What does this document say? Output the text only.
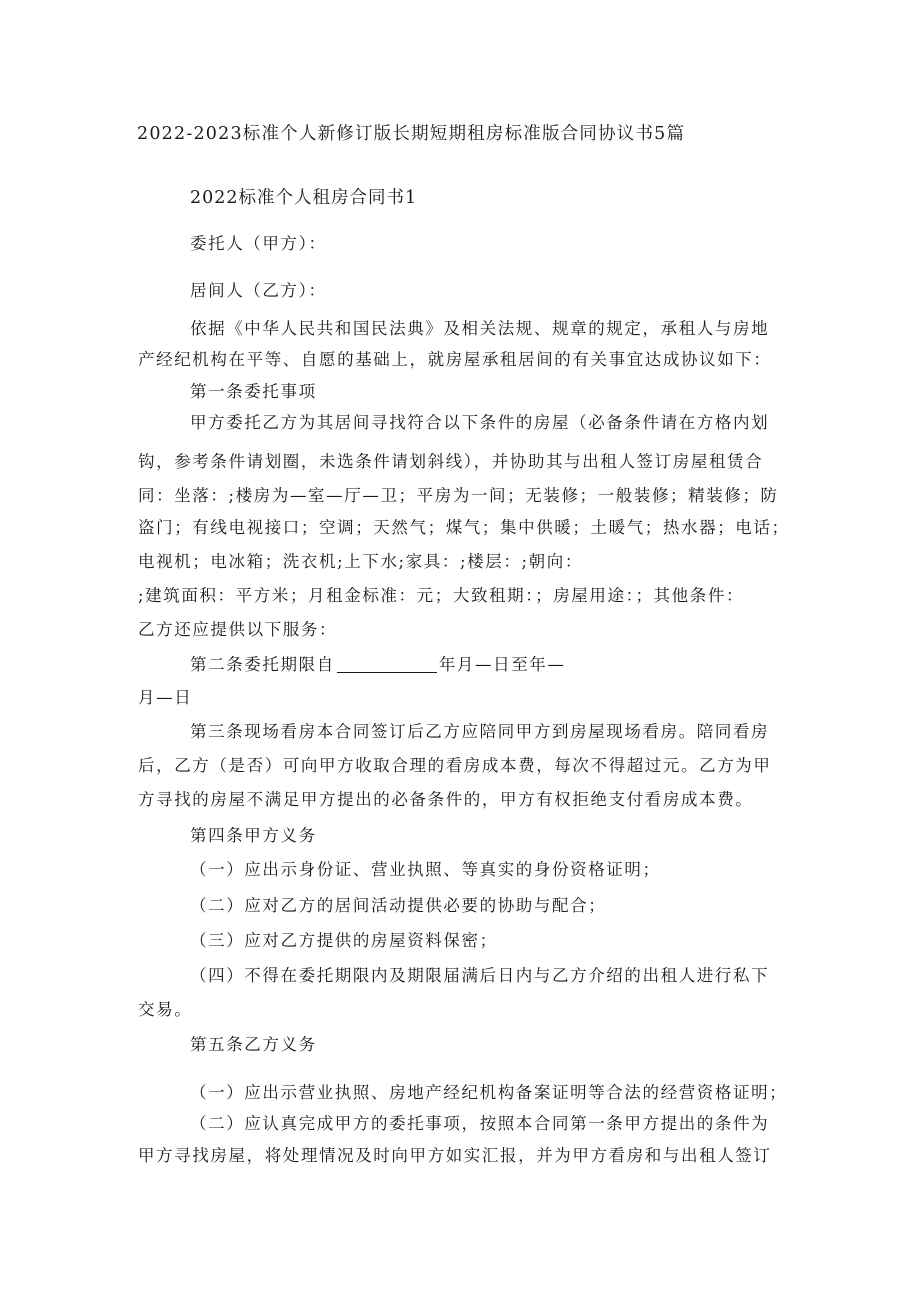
2022-2023标准个人新修订版长期短期租房标准版合同协议书5篇
2022标准个人租房合同书1
委托人（甲方）：
居间人（乙方）：
依据《中华人民共和国民法典》及相关法规、规章的规定，承租人与房地
产经纪机构在平等、自愿的基础上，就房屋承租居间的有关事宜达成协议如下：
第一条委托事项
甲方委托乙方为其居间寻找符合以下条件的房屋（必备条件请在方格内划
钩，参考条件请划圈，未选条件请划斜线），并协助其与出租人签订房屋租赁合
同：坐落：;楼房为—室—厅—卫；平房为一间；无装修；一般装修；精装修；防
盗门；有线电视接口；空调；天然气；煤气；集中供暖；土暖气；热水器；电话；
电视机；电冰箱；洗衣机;上下水;家具：;楼层：;朝向：
;建筑面积：平方米；月租金标准：元；大致租期：；房屋用途：；其他条件：
乙方还应提供以下服务：
第二条委托期限自	年月—日至年—
月—日
第三条现场看房本合同签订后乙方应陪同甲方到房屋现场看房。陪同看房
后，乙方（是否）可向甲方收取合理的看房成本费，每次不得超过元。乙方为甲
方寻找的房屋不满足甲方提出的必备条件的，甲方有权拒绝支付看房成本费。
第四条甲方义务
（一）应出示身份证、营业执照、等真实的身份资格证明；
（二）应对乙方的居间活动提供必要的协助与配合；
（三）应对乙方提供的房屋资料保密；
（四）不得在委托期限内及期限届满后日内与乙方介绍的出租人进行私下
交易。
第五条乙方义务
（一）应出示营业执照、房地产经纪机构备案证明等合法的经营资格证明；
（二）应认真完成甲方的委托事项，按照本合同第一条甲方提出的条件为
甲方寻找房屋，将处理情况及时向甲方如实汇报，并为甲方看房和与出租人签订
